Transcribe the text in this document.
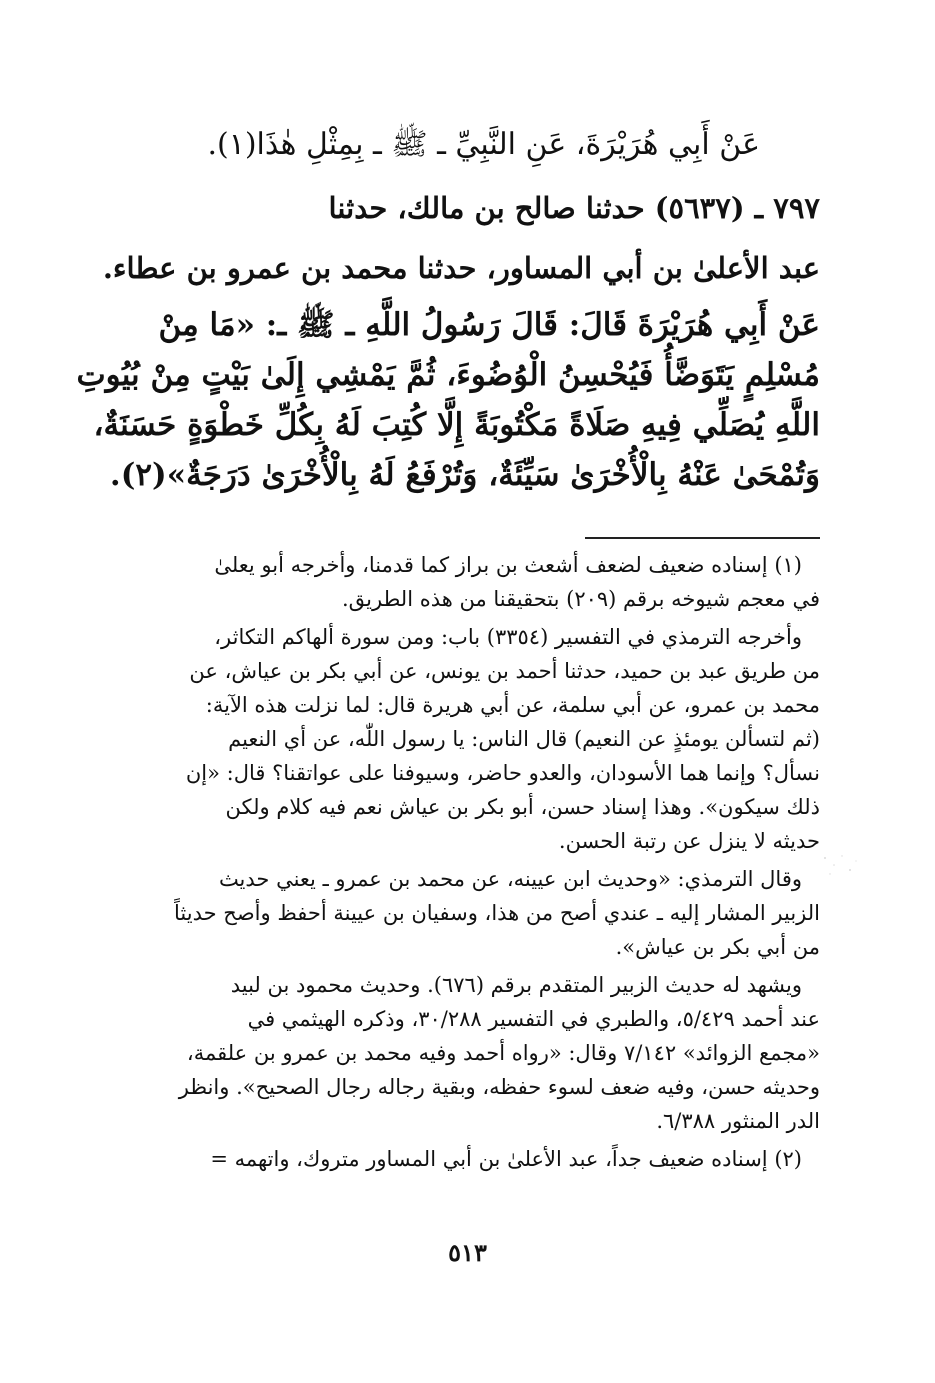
عَنْ أَبِي هُرَيْرَةَ، عَنِ النَّبِيِّ ـ ﷺ ـ بِمِثْلِ هٰذَا(١).
٧٩٧ ـ (٥٦٣٧) حدثنا صالح بن مالك، حدثنا
عبد الأعلىٰ بن أبي المساور، حدثنا محمد بن عمرو بن عطاء.
عَنْ أَبِي هُرَيْرَةَ قَالَ: قَالَ رَسُولُ اللَّهِ ـ ﷺ ـ: «مَا مِنْ
مُسْلِمٍ يَتَوَضَّأُ فَيُحْسِنُ الْوُضُوءَ، ثُمَّ يَمْشِي إِلَىٰ بَيْتٍ مِنْ بُيُوتِ
اللَّهِ يُصَلِّي فِيهِ صَلَاةً مَكْتُوبَةً إِلَّا كُتِبَ لَهُ بِكُلِّ خَطْوَةٍ حَسَنَةٌ،
وَتُمْحَىٰ عَنْهُ بِالْأُخْرَىٰ سَيِّئَةٌ، وَتُرْفَعُ لَهُ بِالْأُخْرَىٰ دَرَجَةٌ»(٢).
(١) إسناده ضعيف لضعف أشعث بن براز كما قدمنا، وأخرجه أبو يعلىٰ
في معجم شيوخه برقم (٢٠٩) بتحقيقنا من هذه الطريق.
وأخرجه الترمذي في التفسير (٣٣٥٤) باب: ومن سورة ألهاكم التكاثر،
من طريق عبد بن حميد، حدثنا أحمد بن يونس، عن أبي بكر بن عياش، عن
محمد بن عمرو، عن أبي سلمة، عن أبي هريرة قال: لما نزلت هذه الآية:
(ثم لتسألن يومئذٍ عن النعيم) قال الناس: يا رسول اللّٰه، عن أي النعيم
نسأل؟ وإنما هما الأسودان، والعدو حاضر، وسيوفنا على عواتقنا؟ قال: «إن
ذلك سيكون». وهذا إسناد حسن، أبو بكر بن عياش نعم فيه كلام ولكن
حديثه لا ينزل عن رتبة الحسن.
وقال الترمذي: «وحديث ابن عيينه، عن محمد بن عمرو ـ يعني حديث
الزبير المشار إليه ـ عندي أصح من هذا، وسفيان بن عيينة أحفظ وأصح حديثاً
من أبي بكر بن عياش».
ويشهد له حديث الزبير المتقدم برقم (٦٧٦). وحديث محمود بن لبيد
عند أحمد ٥/٤٢٩، والطبري في التفسير ٣٠/٢٨٨، وذكره الهيثمي في
«مجمع الزوائد» ٧/١٤٢ وقال: «رواه أحمد وفيه محمد بن عمرو بن علقمة،
وحديثه حسن، وفيه ضعف لسوء حفظه، وبقية رجاله رجال الصحيح». وانظر
الدر المنثور ٦/٣٨٨.
(٢) إسناده ضعيف جداً، عبد الأعلىٰ بن أبي المساور متروك، واتهمه =
٥١٣
